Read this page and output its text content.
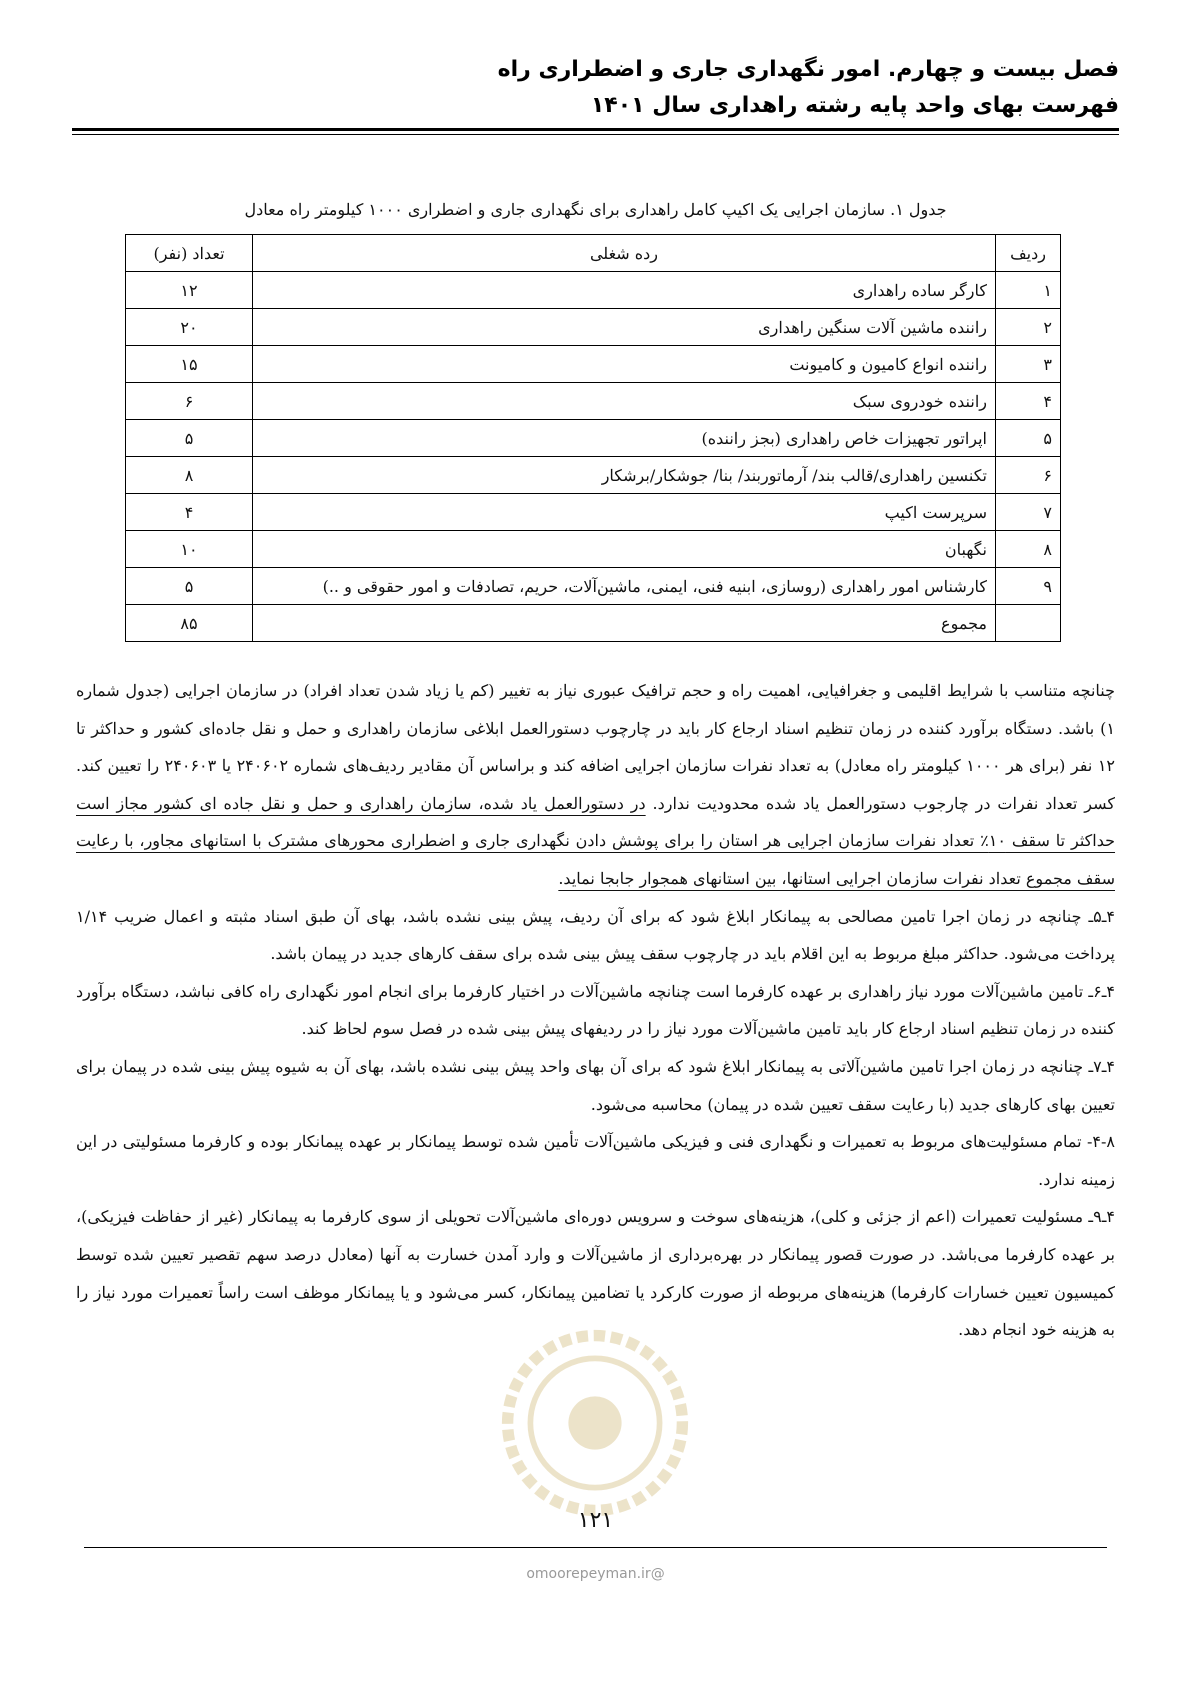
فصل بیست و چهارم. امور نگهداری جاری و اضطراری راه
فهرست بهای واحد پایه رشته راهداری سال ۱۴۰۱
جدول ۱. سازمان اجرایی یک اکیپ کامل راهداری برای نگهداری جاری و اضطراری ۱۰۰۰ کیلومتر راه معادل
ردیف	رده شغلی	تعداد (نفر)
۱	کارگر ساده راهداری	۱۲
۲	راننده ماشین آلات سنگین راهداری	۲۰
۳	راننده انواع کامیون و کامیونت	۱۵
۴	راننده خودروی سبک	۶
۵	اپراتور تجهیزات خاص راهداری (بجز راننده)	۵
۶	تکنسین راهداری/قالب بند/ آرماتوربند/ بنا/ جوشکار/برشکار	۸
۷	سرپرست اکیپ	۴
۸	نگهبان	۱۰
۹	کارشناس امور راهداری (روسازی، ابنیه فنی، ایمنی، ماشین‌آلات، حریم، تصادفات و امور حقوقی و ..)	۵
	مجموع	۸۵

چنانچه متناسب با شرایط اقلیمی و جغرافیایی، اهمیت راه و حجم ترافیک عبوری نیاز به تغییر (کم یا زیاد شدن تعداد افراد) در سازمان اجرایی (جدول شماره ۱) باشد. دستگاه برآورد کننده در زمان تنظیم اسناد ارجاع کار باید در چارچوب دستورالعمل ابلاغی سازمان راهداری و حمل و نقل جاده‌ای کشور و حداکثر تا ۱۲ نفر (برای هر ۱۰۰۰ کیلومتر راه معادل) به تعداد نفرات سازمان اجرایی اضافه کند و براساس آن مقادیر ردیف‌های شماره ۲۴۰۶۰۲ یا ۲۴۰۶۰۳ را تعیین کند. کسر تعداد نفرات در چارجوب دستورالعمل یاد شده محدودیت ندارد. در دستورالعمل یاد شده، سازمان راهداری و حمل و نقل جاده ای کشور مجاز است حداکثر تا سقف ۱۰٪ تعداد نفرات سازمان اجرایی هر استان را برای پوشش دادن نگهداری جاری و اضطراری محورهای مشترک با استانهای مجاور، با رعایت سقف مجموع تعداد نفرات سازمان اجرایی استانها، بین استانهای همجوار جابجا نماید.

۴ـ۵ـ چنانچه در زمان اجرا تامین مصالحی به پیمانکار ابلاغ شود که برای آن ردیف، پیش بینی نشده باشد، بهای آن طبق اسناد مثبته و اعمال ضریب ۱/۱۴ پرداخت می‌شود. حداکثر مبلغ مربوط به این اقلام باید در چارچوب سقف پیش بینی شده برای سقف کارهای جدید در پیمان باشد.

۴ـ۶ـ تامین ماشین‌آلات مورد نیاز راهداری بر عهده کارفرما است چنانچه ماشین‌آلات در اختیار کارفرما برای انجام امور نگهداری راه کافی نباشد، دستگاه برآورد کننده در زمان تنظیم اسناد ارجاع کار باید تامین ماشین‌آلات مورد نیاز را در ردیفهای پیش بینی شده در فصل سوم لحاظ کند.

۴ـ۷ـ چنانچه در زمان اجرا تامین ماشین‌آلاتی به پیمانکار ابلاغ شود که برای آن بهای واحد پیش بینی نشده باشد، بهای آن به شیوه پیش بینی شده در پیمان برای تعیین بهای کارهای جدید (با رعایت سقف تعیین شده در پیمان) محاسبه می‌شود.

۴-۸- تمام مسئولیت‌های مربوط به تعمیرات و نگهداری فنی و فیزیکی ماشین‌آلات تأمین شده توسط پیمانکار بر عهده پیمانکار بوده و کارفرما مسئولیتی در این زمینه ندارد.

۴ـ۹ـ مسئولیت تعمیرات (اعم از جزئی و کلی)، هزینه‌های سوخت و سرویس دوره‌ای ماشین‌آلات تحویلی از سوی کارفرما به پیمانکار (غیر از حفاظت فیزیکی)، بر عهده کارفرما می‌باشد. در صورت قصور پیمانکار در بهره‌برداری از ماشین‌آلات و وارد آمدن خسارت به آنها (معادل درصد سهم تقصیر تعیین شده توسط کمیسیون تعیین خسارات کارفرما) هزینه‌های مربوطه از صورت کارکرد یا تضامین پیمانکار، کسر می‌شود و یا پیمانکار موظف است راساً تعمیرات مورد نیاز را به هزینه خود انجام دهد.

۱۲۱
@omoorepeyman.ir
